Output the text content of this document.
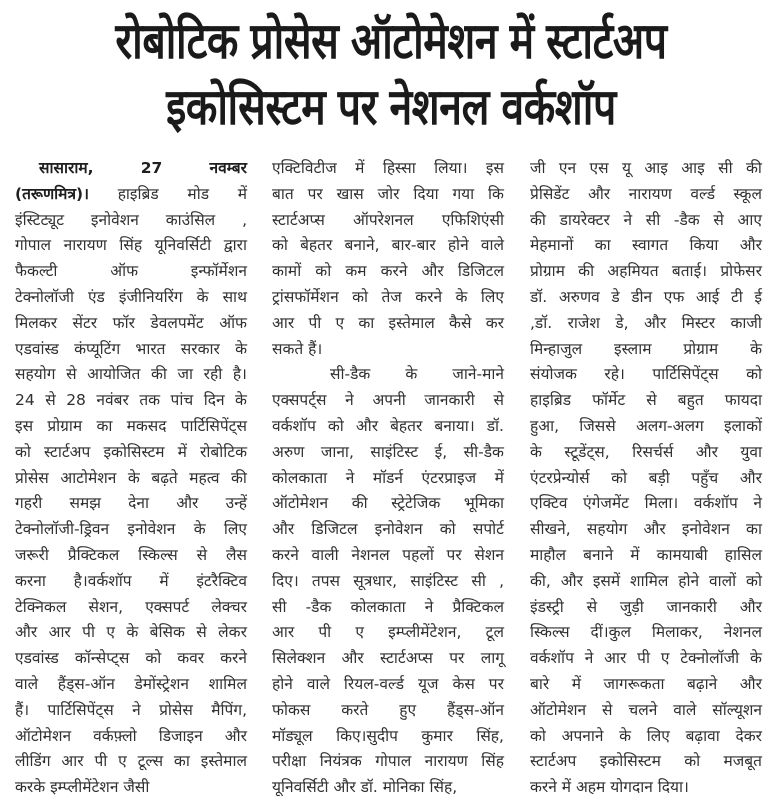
रोबोटिक प्रोसेस ऑटोमेशन में स्टार्टअप
इकोसिस्टम पर नेशनल वर्कशॉप
सासाराम,	27	नवम्बर
(तरूणमित्र)। हाइब्रिड मोड में
इंस्टिट्यूट इनोवेशन काउंसिल ,
गोपाल नारायण सिंह यूनिवर्सिटी द्वारा
फैकल्टी	ऑफ	इन्फॉर्मेशन
टेक्नोलॉजी एंड इंजीनियरिंग के साथ
मिलकर सेंटर फॉर डेवलपमेंट ऑफ
एडवांस्ड कंप्यूटिंग भारत सरकार के
सहयोग से आयोजित की जा रही है।
24 से 28 नवंबर तक पांच दिन के
इस प्रोग्राम का मकसद पार्टिसिपेंट्स
को स्टार्टअप इकोसिस्टम में रोबोटिक
प्रोसेस आटोमेशन के बढ़ते महत्व की
गहरी समझ देना और उन्हें
टेक्नोलॉजी-ड्रिवन इनोवेशन के लिए
जरूरी प्रैक्टिकल स्किल्स से लैस
करना है।वर्कशॉप में इंटरैक्टिव
टेक्निकल सेशन, एक्सपर्ट लेक्चर
और आर पी ए के बेसिक से लेकर
एडवांस्ड कॉन्सेप्ट्स को कवर करने
वाले हैंड्स-ऑन डेमोंस्ट्रेशन शामिल
हैं। पार्टिसिपेंट्स ने प्रोसेस मैपिंग,
ऑटोमेशन वर्कफ़्लो डिजाइन और
लीडिंग आर पी ए टूल्स का इस्तेमाल
करके इम्प्लीमेंटेशन जैसी
एक्टिविटीज में हिस्सा लिया। इस
बात पर खास जोर दिया गया कि
स्टार्टअप्स ऑपरेशनल एफिशिएंसी
को बेहतर बनाने, बार-बार होने वाले
कामों को कम करने और डिजिटल
ट्रांसफॉर्मेशन को तेज करने के लिए
आर पी ए का इस्तेमाल कैसे कर
सकते हैं।
सी-डैक के जाने-माने
एक्सपर्ट्स ने अपनी जानकारी से
वर्कशॉप को और बेहतर बनाया। डॉ.
अरुण जाना, साइंटिस्ट ई, सी-डैक
कोलकाता ने मॉडर्न एंटरप्राइज में
ऑटोमेशन की स्ट्रेटेजिक भूमिका
और डिजिटल इनोवेशन को सपोर्ट
करने वाली नेशनल पहलों पर सेशन
दिए। तपस सूत्रधार, साइंटिस्ट सी ,
सी -डैक कोलकाता ने प्रैक्टिकल
आर पी ए इम्प्लीमेंटेशन, टूल
सिलेक्शन और स्टार्टअप्स पर लागू
होने वाले रियल-वर्ल्ड यूज केस पर
फोकस करते हुए हैंड्स-ऑन
मॉड्यूल किए।सुदीप कुमार सिंह,
परीक्षा नियंत्रक गोपाल नारायण सिंह
यूनिवर्सिटी और डॉ. मोनिका सिंह,
जी एन एस यू आइ आइ सी की
प्रेसिडेंट और नारायण वर्ल्ड स्कूल
की डायरेक्टर ने सी -डैक से आए
मेहमानों का स्वागत किया और
प्रोग्राम की अहमियत बताई। प्रोफेसर
डॉ. अरुणव डे डीन एफ आई टी ई
,डॉ. राजेश डे, और मिस्टर काजी
मिन्हाजुल इस्लाम प्रोग्राम के
संयोजक रहे। पार्टिसिपेंट्स को
हाइब्रिड फॉर्मेट से बहुत फायदा
हुआ, जिससे अलग-अलग इलाकों
के स्टूडेंट्स, रिसर्चर्स और युवा
एंटरप्रेन्योर्स को बड़ी पहुँच और
एक्टिव एंगेजमेंट मिला। वर्कशॉप ने
सीखने, सहयोग और इनोवेशन का
माहौल बनाने में कामयाबी हासिल
की, और इसमें शामिल होने वालों को
इंडस्ट्री से जुड़ी जानकारी और
स्किल्स दीं।कुल मिलाकर, नेशनल
वर्कशॉप ने आर पी ए टेक्नोलॉजी के
बारे में जागरूकता बढ़ाने और
ऑटोमेशन से चलने वाले सॉल्यूशन
को अपनाने के लिए बढ़ावा देकर
स्टार्टअप इकोसिस्टम को मजबूत
करने में अहम योगदान दिया।
